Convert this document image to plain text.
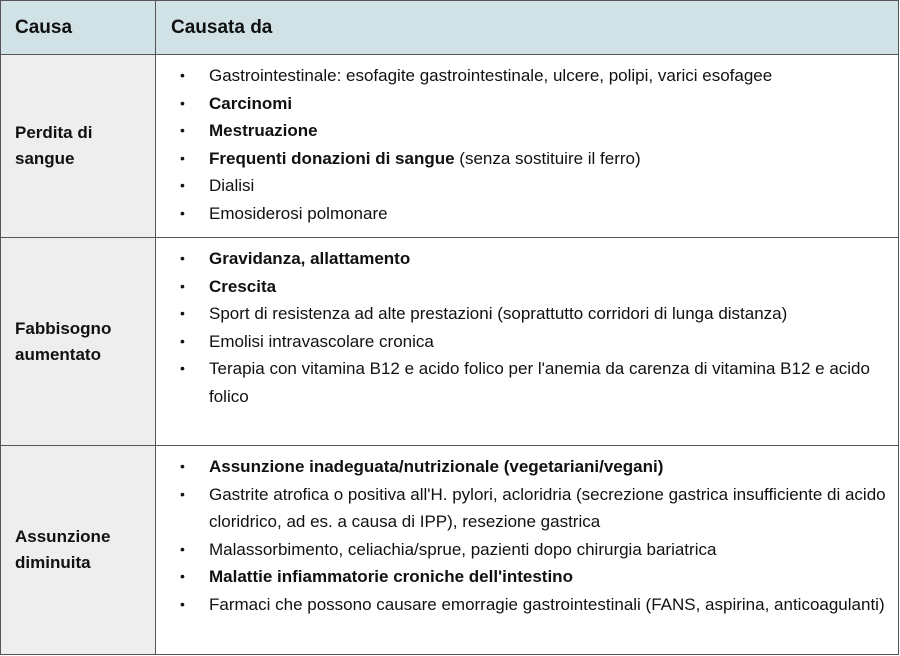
Causa	Causata da
Perdita di
sangue
• Gastrointestinale: esofagite gastrointestinale, ulcere, polipi, varici esofagee
• Carcinomi
• Mestruazione
• Frequenti donazioni di sangue (senza sostituire il ferro)
• Dialisi
• Emosiderosi polmonare
Fabbisogno
aumentato
• Gravidanza, allattamento
• Crescita
• Sport di resistenza ad alte prestazioni (soprattutto corridori di lunga distanza)
• Emolisi intravascolare cronica
• Terapia con vitamina B12 e acido folico per l'anemia da carenza di vitamina B12 e acido folico
Assunzione
diminuita
• Assunzione inadeguata/nutrizionale (vegetariani/vegani)
• Gastrite atrofica o positiva all'H. pylori, acloridria (secrezione gastrica insufficiente di acido cloridrico, ad es. a causa di IPP), resezione gastrica
• Malassorbimento, celiachia/sprue, pazienti dopo chirurgia bariatrica
• Malattie infiammatorie croniche dell'intestino
• Farmaci che possono causare emorragie gastrointestinali (FANS, aspirina, anticoagulanti)
